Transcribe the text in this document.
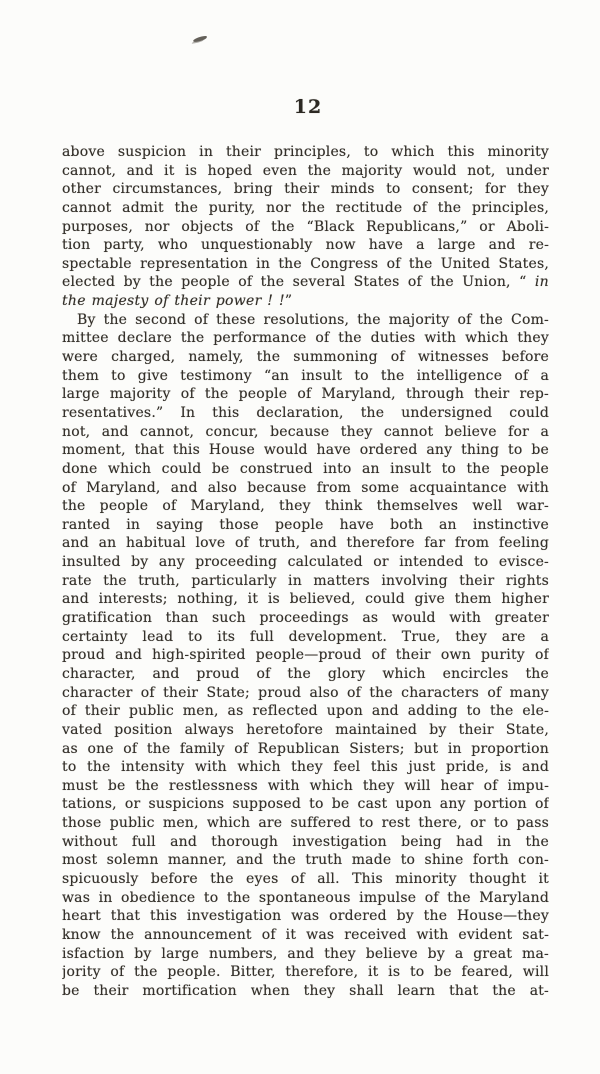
12
above suspicion in their principles, to which this minority
cannot, and it is hoped even the majority would not, under
other circumstances, bring their minds to consent; for they
cannot admit the purity, nor the rectitude of the principles,
purposes, nor objects of the “Black Republicans,” or Aboli-
tion party, who unquestionably now have a large and re-
spectable representation in the Congress of the United States,
elected by the people of the several States of the Union, “ in
the majesty of their power ! !”
By the second of these resolutions, the majority of the Com-
mittee declare the performance of the duties with which they
were charged, namely, the summoning of witnesses before
them to give testimony “an insult to the intelligence of a
large majority of the people of Maryland, through their rep-
resentatives.” In this declaration, the undersigned could
not, and cannot, concur, because they cannot believe for a
moment, that this House would have ordered any thing to be
done which could be construed into an insult to the people
of Maryland, and also because from some acquaintance with
the people of Maryland, they think themselves well war-
ranted in saying those people have both an instinctive
and an habitual love of truth, and therefore far from feeling
insulted by any proceeding calculated or intended to evisce-
rate the truth, particularly in matters involving their rights
and interests; nothing, it is believed, could give them higher
gratification than such proceedings as would with greater
certainty lead to its full development. True, they are a
proud and high-spirited people—proud of their own purity of
character, and proud of the glory which encircles the
character of their State; proud also of the characters of many
of their public men, as reflected upon and adding to the ele-
vated position always heretofore maintained by their State,
as one of the family of Republican Sisters; but in proportion
to the intensity with which they feel this just pride, is and
must be the restlessness with which they will hear of impu-
tations, or suspicions supposed to be cast upon any portion of
those public men, which are suffered to rest there, or to pass
without full and thorough investigation being had in the
most solemn manner, and the truth made to shine forth con-
spicuously before the eyes of all. This minority thought it
was in obedience to the spontaneous impulse of the Maryland
heart that this investigation was ordered by the House—they
know the announcement of it was received with evident sat-
isfaction by large numbers, and they believe by a great ma-
jority of the people. Bitter, therefore, it is to be feared, will
be their mortification when they shall learn that the at-
